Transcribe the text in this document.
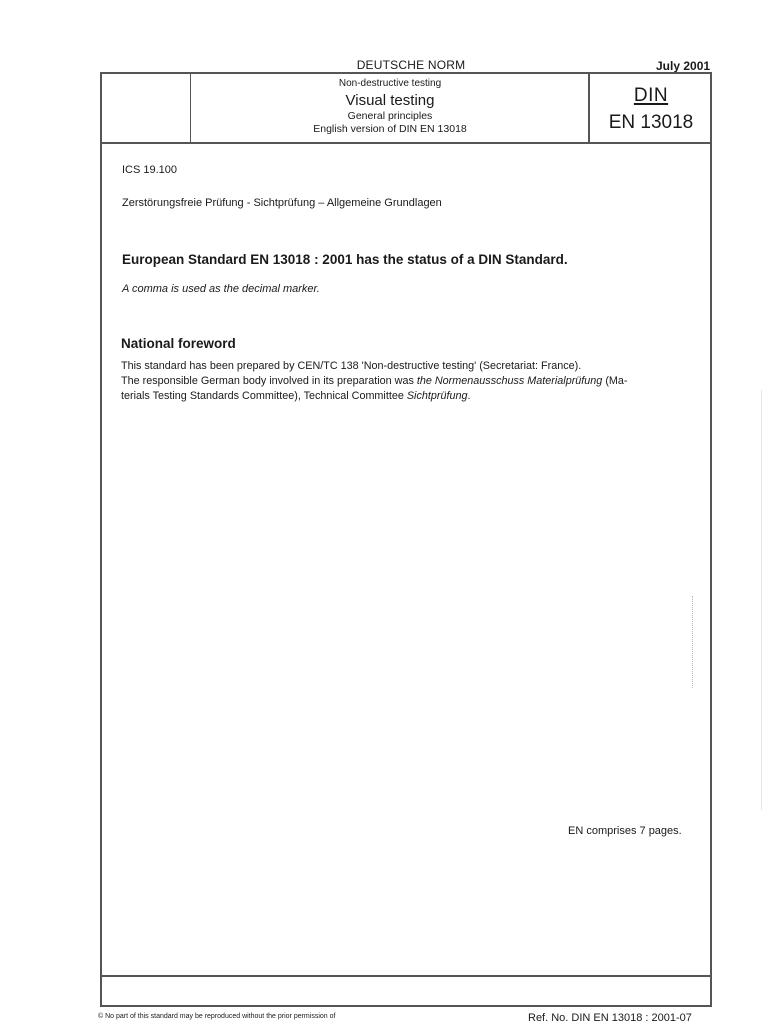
DEUTSCHE NORM	July 2001
Non-destructive testing
Visual testing
General principles
English version of DIN EN 13018
DIN
EN 13018
ICS 19.100
Zerstörungsfreie Prüfung - Sichtprüfung – Allgemeine Grundlagen
European Standard EN 13018 : 2001 has the status of a DIN Standard.
A comma is used as the decimal marker.
National foreword

This standard has been prepared by CEN/TC 138 'Non-destructive testing' (Secretariat: France).

The responsible German body involved in its preparation was the Normenausschuss Materialprüfung (Ma-

terials Testing Standards Committee), Technical Committee Sichtprüfung.

EN comprises 7 pages.
© No part of this standard may be reproduced without the prior permission of	Ref. No. DIN EN 13018 : 2001-07
